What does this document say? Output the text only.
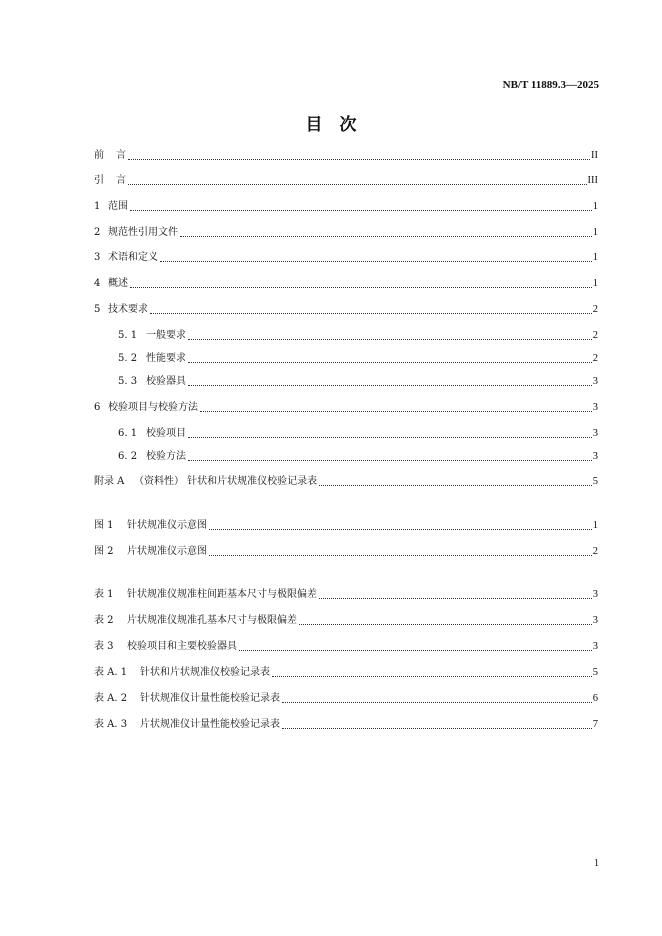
NB/T 11889.3—2025
目次
前 言	II
引 言	III
1 范围	1
2 规范性引用文件	1
3 术语和定义	1
4 概述	1
5 技术要求	2
5. 1 一般要求	2
5. 2 性能要求	2
5. 3 校验器具	3
6 校验项目与校验方法	3
6. 1 校验项目	3
6. 2 校验方法	3
附录 A （资料性） 针状和片状规准仪校验记录表	5
图 1 针状规准仪示意图	1
图 2 片状规准仪示意图	2
表 1 针状规准仪规准柱间距基本尺寸与极限偏差	3
表 2 片状规准仪规准孔基本尺寸与极限偏差	3
表 3 校验项目和主要校验器具	3
表 A. 1 针状和片状规准仪校验记录表	5
表 A. 2 针状规准仪计量性能校验记录表	6
表 A. 3 片状规准仪计量性能校验记录表	7
1
